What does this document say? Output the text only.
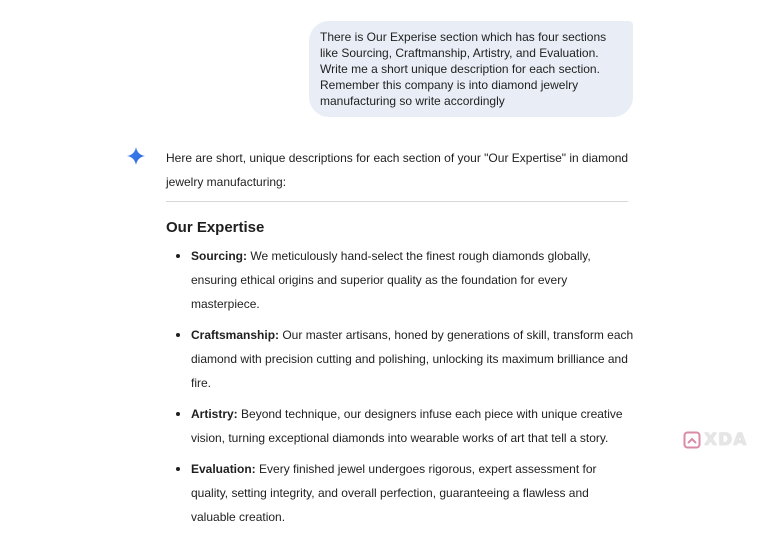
There is Our Experise section which has four sections like Sourcing, Craftmanship, Artistry, and Evaluation. Write me a short unique description for each section. Remember this company is into diamond jewelry manufacturing so write accordingly
Here are short, unique descriptions for each section of your "Our Expertise" in diamond jewelry manufacturing:
Our Expertise
Sourcing: We meticulously hand-select the finest rough diamonds globally, ensuring ethical origins and superior quality as the foundation for every masterpiece.
Craftsmanship: Our master artisans, honed by generations of skill, transform each diamond with precision cutting and polishing, unlocking its maximum brilliance and fire.
Artistry: Beyond technique, our designers infuse each piece with unique creative vision, turning exceptional diamonds into wearable works of art that tell a story.
Evaluation: Every finished jewel undergoes rigorous, expert assessment for quality, setting integrity, and overall perfection, guaranteeing a flawless and valuable creation.
XDA
